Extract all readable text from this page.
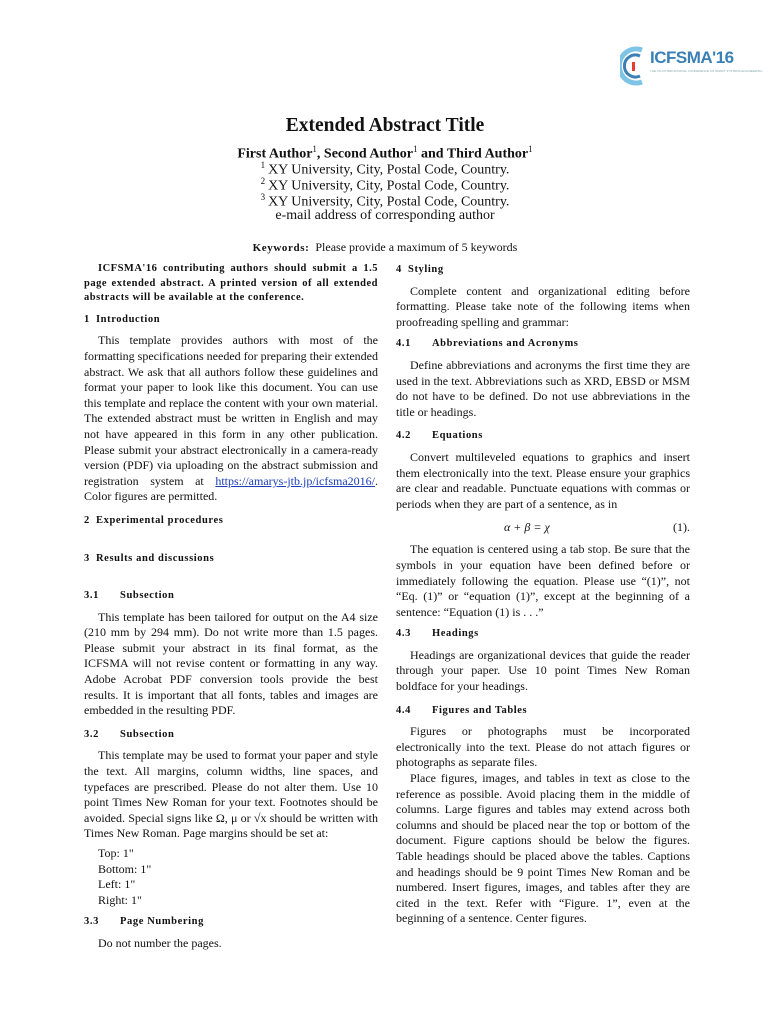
ICFSMA'16
THE 4TH INTERNATIONAL CONFERENCE ON SMART SYSTEMS ENGINEERING
Extended Abstract Title
First Author$^1$, Second Author$^1$ and Third Author$^1$
$^1$ XY University, City, Postal Code, Country.
$^2$ XY University, City, Postal Code, Country.
$^3$ XY University, City, Postal Code, Country.
e-mail address of corresponding author
Keywords: Please provide a maximum of 5 keywords

ICFSMA'16 contributing authors should submit a 1.5 page extended abstract. A printed version of all extended abstracts will be available at the conference.

1 Introduction

This template provides authors with most of the formatting specifications needed for preparing their extended abstract. We ask that all authors follow these guidelines and format your paper to look like this document. You can use this template and replace the content with your own material. The extended abstract must be written in English and may not have appeared in this form in any other publication. Please submit your abstract electronically in a camera-ready version (PDF) via uploading on the abstract submission and registration system at https://amarys-jtb.jp/icfsma2016/. Color figures are permitted.

2 Experimental procedures
3 Results and discussions
3.1 Subsection

This template has been tailored for output on the A4 size (210 mm by 294 mm). Do not write more than 1.5 pages. Please submit your abstract in its final format, as the ICFSMA will not revise content or formatting in any way. Adobe Acrobat PDF conversion tools provide the best results. It is important that all fonts, tables and images are embedded in the resulting PDF.

3.2 Subsection

This template may be used to format your paper and style the text. All margins, column widths, line spaces, and typefaces are prescribed. Please do not alter them. Use 10 point Times New Roman for your text. Footnotes should be avoided. Special signs like Ω, μ or √x should be written with Times New Roman. Page margins should be set at:

Top: 1"
Bottom: 1"
Left: 1"
Right: 1"
3.3 Page Numbering

Do not number the pages.

4 Styling

Complete content and organizational editing before formatting. Please take note of the following items when proofreading spelling and grammar:

4.1 Abbreviations and Acronyms

Define abbreviations and acronyms the first time they are used in the text. Abbreviations such as XRD, EBSD or MSM do not have to be defined. Do not use abbreviations in the title or headings.

4.2 Equations

Convert multileveled equations to graphics and insert them electronically into the text. Please ensure your graphics are clear and readable. Punctuate equations with commas or periods when they are part of a sentence, as in

α + β = χ	(1).

The equation is centered using a tab stop. Be sure that the symbols in your equation have been defined before or immediately following the equation. Please use “(1)”, not “Eq. (1)” or “equation (1)”, except at the beginning of a sentence: “Equation (1) is . . .”

4.3 Headings

Headings are organizational devices that guide the reader through your paper. Use 10 point Times New Roman boldface for your headings.

4.4 Figures and Tables

Figures or photographs must be incorporated electronically into the text. Please do not attach figures or photographs as separate files.

Place figures, images, and tables in text as close to the reference as possible. Avoid placing them in the middle of columns. Large figures and tables may extend across both columns and should be placed near the top or bottom of the document. Figure captions should be below the figures. Table headings should be placed above the tables. Captions and headings should be 9 point Times New Roman and be numbered. Insert figures, images, and tables after they are cited in the text. Refer with “Figure. 1”, even at the beginning of a sentence. Center figures.
